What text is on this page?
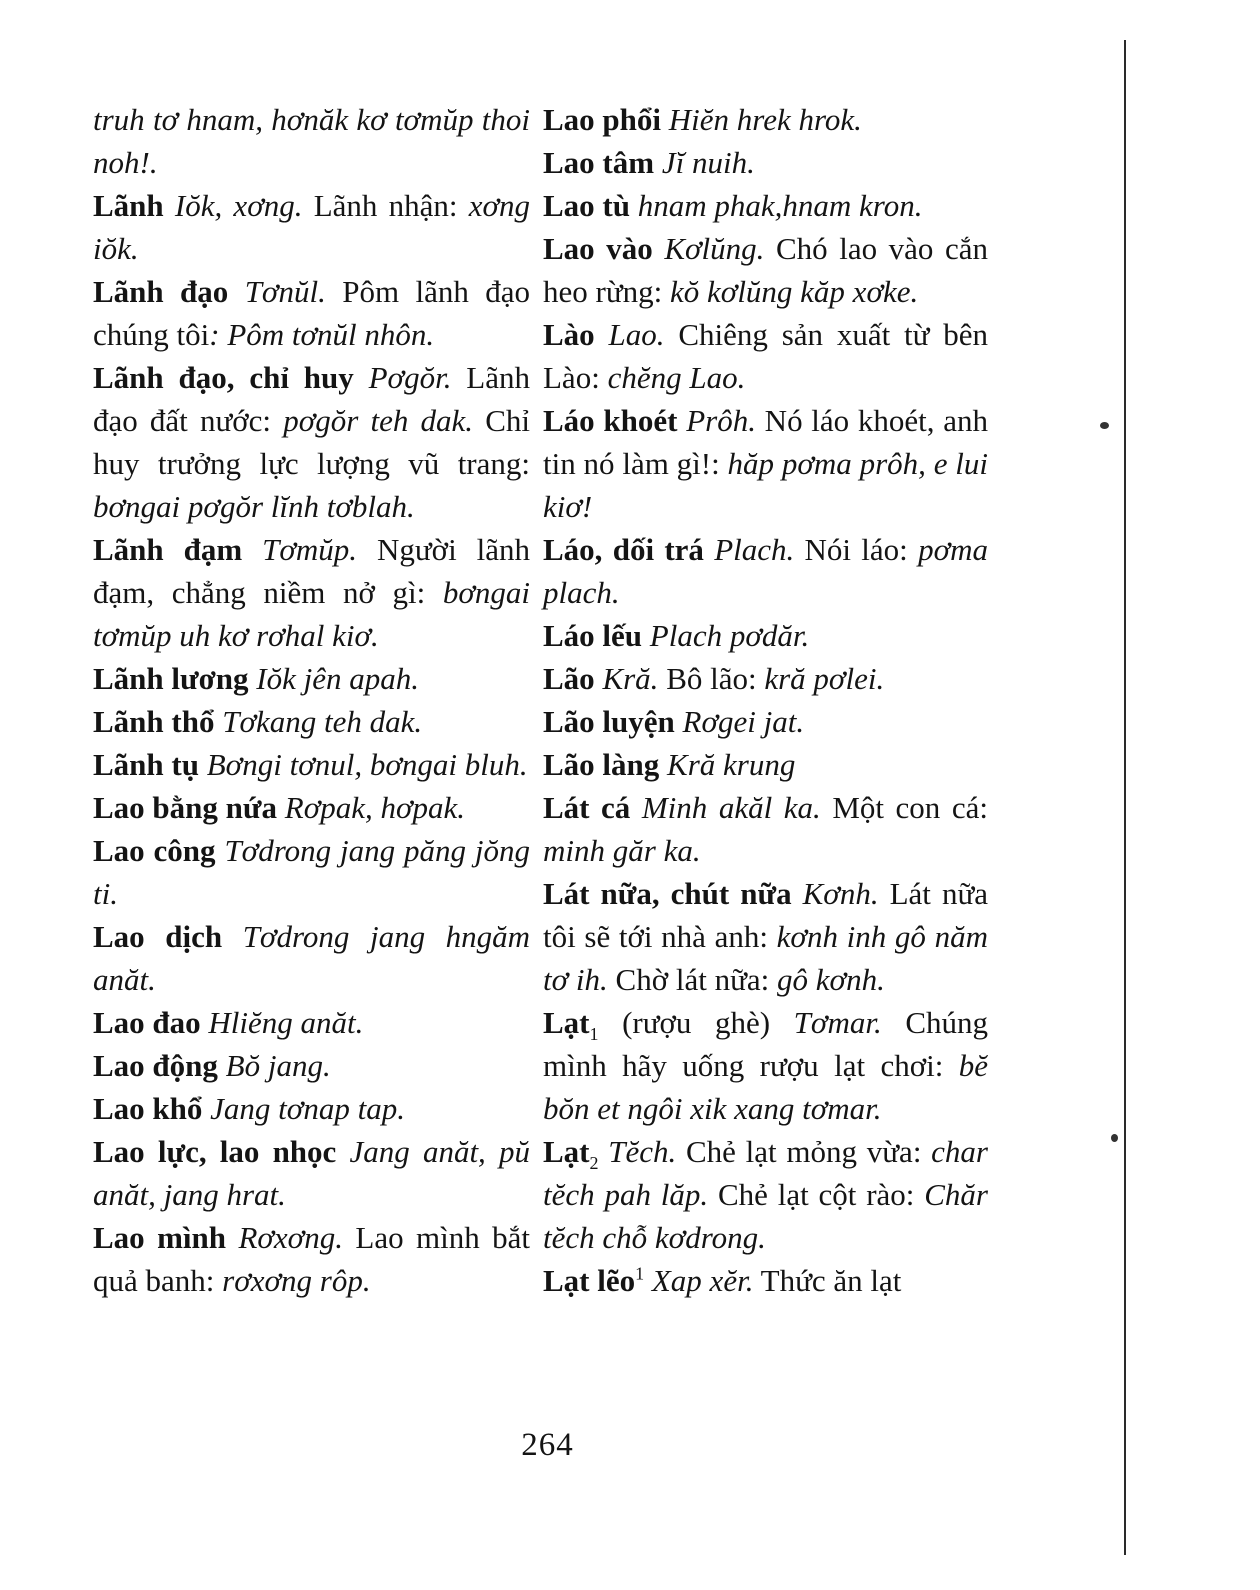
truh tơ hnam, hơnăk kơ tơmŭp thoi noh!.

Lãnh Iŏk, xơng. Lãnh nhận: xơng iŏk.

Lãnh đạo Tơnŭl. Pôm lãnh đạo chúng tôi: Pôm tơnŭl nhôn.

Lãnh đạo, chỉ huy Pơgŏr. Lãnh đạo đất nước: pơgŏr teh dak. Chỉ huy trưởng lực lượng vũ trang: bơngai pơgŏr lĭnh tơblah.

Lãnh đạm Tơmŭp. Người lãnh đạm, chẳng niềm nở gì: bơngai tơmŭp uh kơ rơhal kiơ.

Lãnh lương Iŏk jên apah.

Lãnh thổ Tơkang teh dak.

Lãnh tụ Bơngi tơnul, bơngai bluh.

Lao bằng nứa Rơpak, hơpak.

Lao công Tơdrong jang păng jŏng ti.

Lao dịch Tơdrong jang hngăm anăt.

Lao đao Hliĕng anăt.

Lao động Bŏ jang.

Lao khổ Jang tơnap tap.

Lao lực, lao nhọc Jang anăt, pŭ anăt, jang hrat.

Lao mình Rơxơng. Lao mình bắt quả banh: rơxơng rôp.

Lao phổi Hiĕn hrek hrok.

Lao tâm Jĭ nuih.

Lao tù hnam phak,hnam kron.

Lao vào Kơlŭng. Chó lao vào cắn heo rừng: kŏ kơlŭng kăp xơke.

Lào Lao. Chiêng sản xuất từ bên Lào: chĕng Lao.

Láo khoét Prôh. Nó láo khoét, anh tin nó làm gì!: hăp pơma prôh, e lui kiơ!

Láo, dối trá Plach. Nói láo: pơma plach.

Láo lếu Plach pơdăr.

Lão Kră. Bô lão: kră pơlei.

Lão luyện Rơgei jat.

Lão làng Kră krung

Lát cá Minh akăl ka. Một con cá: minh găr ka.

Lát nữa, chút nữa Kơnh. Lát nữa tôi sẽ tới nhà anh: kơnh inh gô năm tơ ih. Chờ lát nữa: gô kơnh.

Lạt$_1$ (rượu ghè) Tơmar. Chúng mình hãy uống rượu lạt chơi: bĕ bŏn et ngôi xik xang tơmar.

Lạt$_2$ Tĕch. Chẻ lạt mỏng vừa: char tĕch pah lăp. Chẻ lạt cột rào: Chăr tĕch chỗ kơdrong.

Lạt lẽo$^1$ Xap xĕr. Thức ăn lạt

264
